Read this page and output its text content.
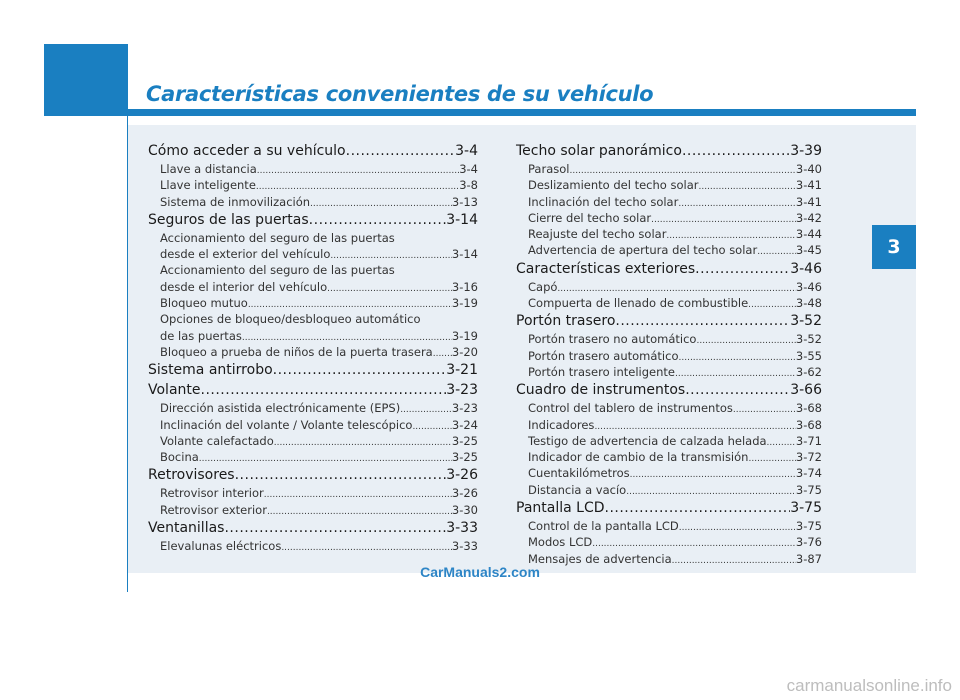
Características convenientes de su vehículo
3
Cómo acceder a su vehículo .....	3-4
Llave a distancia .....	3-4
Llave inteligente .....	3-8
Sistema de inmovilización .....	3-13
Seguros de las puertas .....	3-14
Accionamiento del seguro de las puertas
desde el exterior del vehículo .....	3-14
Accionamiento del seguro de las puertas
desde el interior del vehículo .....	3-16
Bloqueo mutuo .....	3-19
Opciones de bloqueo/desbloqueo automático
de las puertas .....	3-19
Bloqueo a prueba de niños de la puerta trasera ..... 3-20
Sistema antirrobo .....	3-21
Volante .....	3-23
Dirección asistida electrónicamente (EPS) .....	3-23
Inclinación del volante / Volante telescópico .....	3-24
Volante calefactado .....	3-25
Bocina .....	3-25
Retrovisores .....	3-26
Retrovisor interior .....	3-26
Retrovisor exterior .....	3-30
Ventanillas .....	3-33
Elevalunas eléctricos .....	3-33
Techo solar panorámico .....	3-39
Parasol .....	3-40
Deslizamiento del techo solar .....	3-41
Inclinación del techo solar .....	3-41
Cierre del techo solar .....	3-42
Reajuste del techo solar .....	3-44
Advertencia de apertura del techo solar .....	3-45
Características exteriores .....	3-46
Capó .....	3-46
Compuerta de llenado de combustible .....	3-48
Portón trasero .....	3-52
Portón trasero no automático .....	3-52
Portón trasero automático .....	3-55
Portón trasero inteligente .....	3-62
Cuadro de instrumentos .....	3-66
Control del tablero de instrumentos .....	3-68
Indicadores .....	3-68
Testigo de advertencia de calzada helada .....	3-71
Indicador de cambio de la transmisión .....	3-72
Cuentakilómetros .....	3-74
Distancia a vacío .....	3-75
Pantalla LCD .....	3-75
Control de la pantalla LCD .....	3-75
Modos LCD .....	3-76
Mensajes de advertencia .....	3-87
CarManuals2.com
carmanualsonline.info
